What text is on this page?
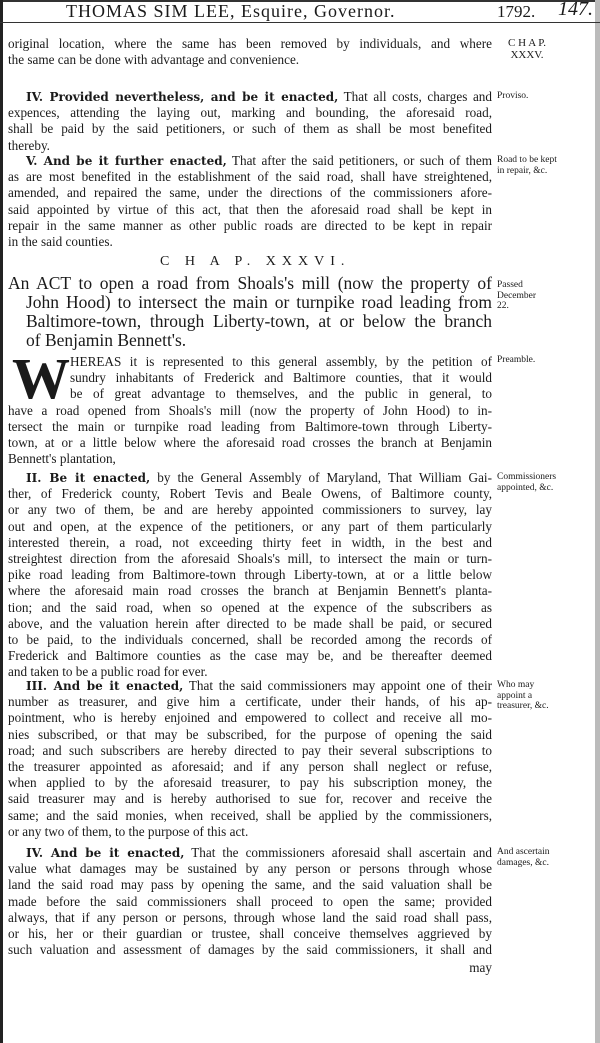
THOMAS SIM LEE, Esquire, Governor.	1792. 147.
original location, where the same has been removed by individuals, and where
the same can be done with advantage and convenience.
C H A P. XXXV.
IV. Provided nevertheless, and be it enacted, That all costs, charges and
expences, attending the laying out, marking and bounding, the aforesaid road,
shall be paid by the said petitioners, or such of them as shall be most benefited
thereby.
Proviso.
V. And be it further enacted, That after the said petitioners, or such of them
as are most benefited in the establishment of the said road, shall have streightened,
amended, and repaired the same, under the directions of the commissioners afore-
said appointed by virtue of this act, that then the aforesaid road shall be kept in
repair in the same manner as other public roads are directed to be kept in repair
in the said counties.
Road to be kept in repair, &c.
C H A P. XXXVI.
An ACT to open a road from Shoals's mill (now the property of
John Hood) to intersect the main or turnpike road leading from
Baltimore-town, through Liberty-town, at or below the branch
of Benjamin Bennett's.
Passed December 22.
W HEREAS it is represented to this general assembly, by the petition of
sundry inhabitants of Frederick and Baltimore counties, that it would
be of great advantage to themselves, and the public in general, to
have a road opened from Shoals's mill (now the property of John Hood) to in-
tersect the main or turnpike road leading from Baltimore-town through Liberty-
town, at or a little below where the aforesaid road crosses the branch at Benjamin
Bennett's plantation,
Preamble.
II. Be it enacted, by the General Assembly of Maryland, That William Gai-
ther, of Frederick county, Robert Tevis and Beale Owens, of Baltimore county,
or any two of them, be and are hereby appointed commissioners to survey, lay
out and open, at the expence of the petitioners, or any part of them particularly
interested therein, a road, not exceeding thirty feet in width, in the best and
streightest direction from the aforesaid Shoals's mill, to intersect the main or turn-
pike road leading from Baltimore-town through Liberty-town, at or a little below
where the aforesaid main road crosses the branch at Benjamin Bennett's planta-
tion; and the said road, when so opened at the expence of the subscribers as
above, and the valuation herein after directed to be made shall be paid, or secured
to be paid, to the individuals concerned, shall be recorded among the records of
Frederick and Baltimore counties as the case may be, and be thereafter deemed
and taken to be a public road for ever.
Commissioners appointed, &c.
III. And be it enacted, That the said commissioners may appoint one of their
number as treasurer, and give him a certificate, under their hands, of his ap-
pointment, who is hereby enjoined and empowered to collect and receive all mo-
nies subscribed, or that may be subscribed, for the purpose of opening the said
road; and such subscribers are hereby directed to pay their several subscriptions to
the treasurer appointed as aforesaid; and if any person shall neglect or refuse,
when applied to by the aforesaid treasurer, to pay his subscription money, the
said treasurer may and is hereby authorised to sue for, recover and receive the
same; and the said monies, when received, shall be applied by the commissioners,
or any two of them, to the purpose of this act.
Who may appoint a treasurer, &c.
IV. And be it enacted, That the commissioners aforesaid shall ascertain and
value what damages may be sustained by any person or persons through whose
land the said road may pass by opening the same, and the said valuation shall be
made before the said commissioners shall proceed to open the same; provided
always, that if any person or persons, through whose land the said road shall pass,
or his, her or their guardian or trustee, shall conceive themselves aggrieved by
such valuation and assessment of damages by the said commissioners, it shall and
And ascertain damages, &c.
may
